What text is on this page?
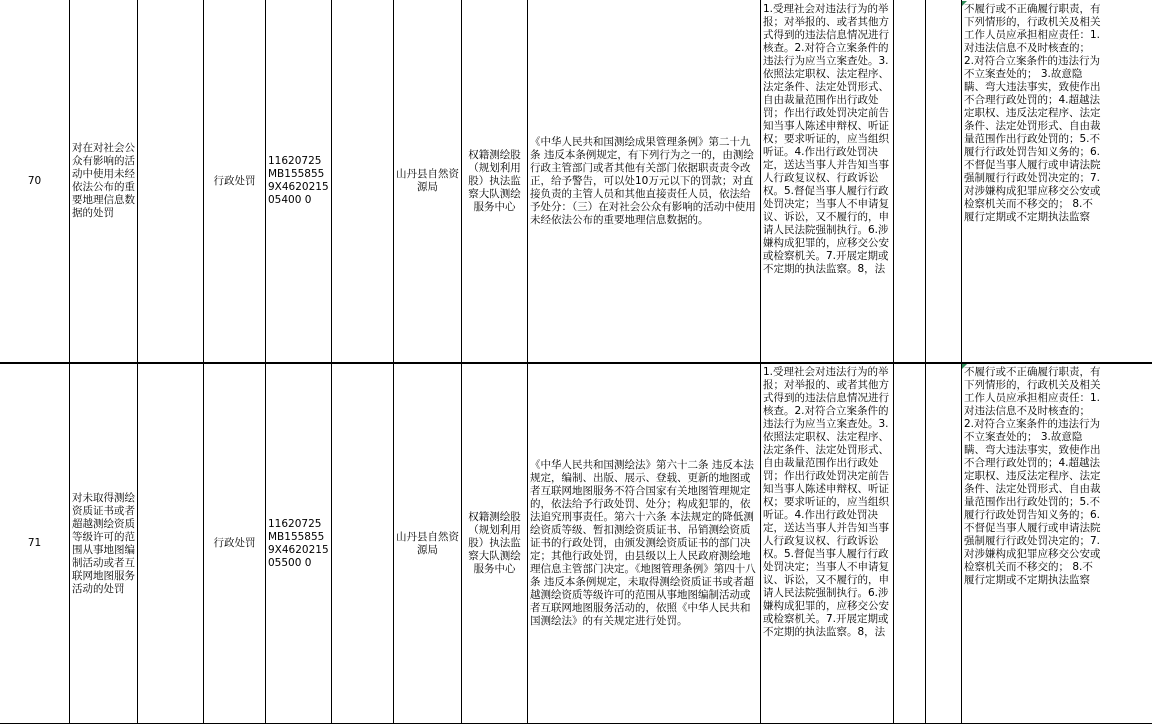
70
对在对社会公众有影响的活动中使用未经依法公布的重要地理信息数据的处罚
行政处罚
11620725MB1558559X462021505400 0
山丹县自然资源局
权籍测绘股（规划利用股）执法监察大队测绘服务中心
《中华人民共和国测绘成果管理条例》第二十九条 违反本条例规定，有下列行为之一的，由测绘行政主管部门或者其他有关部门依据职责责令改正，给予警告，可以处10万元以下的罚款；对直接负责的主管人员和其他直接责任人员，依法给予处分：（三）在对社会公众有影响的活动中使用未经依法公布的重要地理信息数据的。
1.受理社会对违法行为的举报；对举报的、或者其他方式得到的违法信息情况进行核查。2.对符合立案条件的违法行为应当立案查处。3.依照法定职权、法定程序、法定条件、法定处罚形式、自由裁量范围作出行政处罚；作出行政处罚决定前告知当事人陈述申辩权、听证权；要求听证的，应当组织听证。4.作出行政处罚决定，送达当事人并告知当事人行政复议权、行政诉讼权。5.督促当事人履行行政处罚决定；当事人不申请复议、诉讼，又不履行的，申请人民法院强制执行。6.涉嫌构成犯罪的，应移交公安或检察机关。7.开展定期或不定期的执法监察。8，法
不履行或不正确履行职责，有下列情形的，行政机关及相关工作人员应承担相应责任：1.对违法信息不及时核查的； 2.对符合立案条件的违法行为不立案查处的； 3.故意隐瞒、弯大违法事实，致使作出不合理行政处罚的；4.超越法定职权、违反法定程序、法定条件、法定处罚形式、自由裁量范围作出行政处罚的；5.不履行行政处罚告知义务的；6.不督促当事人履行或申请法院强制履行行政处罚决定的；7.对涉嫌构成犯罪应移交公安或检察机关而不移交的； 8.不履行定期或不定期执法监察
71
对未取得测绘资质证书或者超越测绘资质等级许可的范围从事地图编制活动或者互联网地图服务活动的处罚
行政处罚
11620725MB1558559X462021505500 0
山丹县自然资源局
权籍测绘股（规划利用股）执法监察大队测绘服务中心
《中华人民共和国测绘法》第六十二条 违反本法规定，编制、出版、展示、登载、更新的地图或者互联网地图服务不符合国家有关地图管理规定的，依法给予行政处罚、处分；构成犯罪的，依法追究刑事责任。第六十六条 本法规定的降低测绘资质等级、暂扣测绘资质证书、吊销测绘资质证书的行政处罚，由颁发测绘资质证书的部门决定；其他行政处罚，由县级以上人民政府测绘地理信息主管部门决定。《地图管理条例》第四十八条 违反本条例规定，未取得测绘资质证书或者超越测绘资质等级许可的范围从事地图编制活动或者互联网地图服务活动的，依照《中华人民共和国测绘法》的有关规定进行处罚。
1.受理社会对违法行为的举报；对举报的、或者其他方式得到的违法信息情况进行核查。2.对符合立案条件的违法行为应当立案查处。3.依照法定职权、法定程序、法定条件、法定处罚形式、自由裁量范围作出行政处罚；作出行政处罚决定前告知当事人陈述申辩权、听证权；要求听证的，应当组织听证。4.作出行政处罚决定，送达当事人并告知当事人行政复议权、行政诉讼权。5.督促当事人履行行政处罚决定；当事人不申请复议、诉讼，又不履行的，申请人民法院强制执行。6.涉嫌构成犯罪的，应移交公安或检察机关。7.开展定期或不定期的执法监察。8，法
不履行或不正确履行职责，有下列情形的，行政机关及相关工作人员应承担相应责任：1.对违法信息不及时核查的； 2.对符合立案条件的违法行为不立案查处的； 3.故意隐瞒、弯大违法事实，致使作出不合理行政处罚的；4.超越法定职权、违反法定程序、法定条件、法定处罚形式、自由裁量范围作出行政处罚的；5.不履行行政处罚告知义务的；6.不督促当事人履行或申请法院强制履行行政处罚决定的；7.对涉嫌构成犯罪应移交公安或检察机关而不移交的； 8.不履行定期或不定期执法监察
